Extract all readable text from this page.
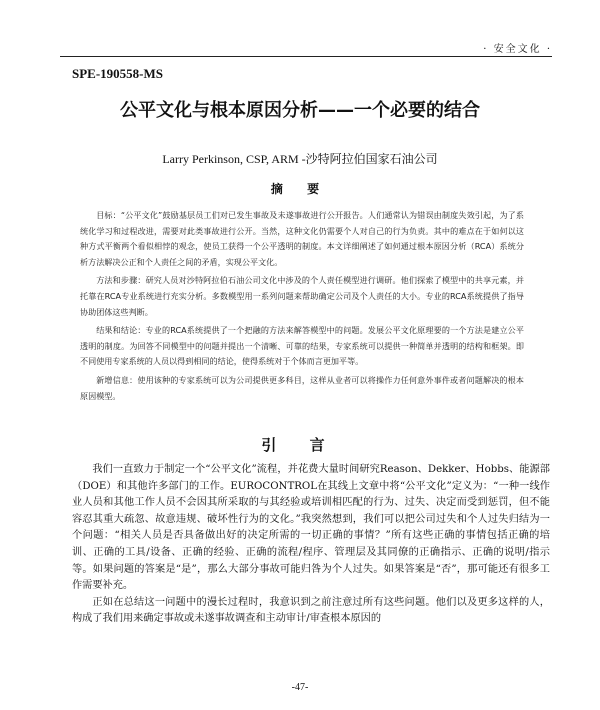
· 安全文化 ·
SPE-190558-MS
公平文化与根本原因分析——一个必要的结合
Larry Perkinson, CSP, ARM -沙特阿拉伯国家石油公司
摘 要

目标：“公平文化”鼓励基层员工们对已发生事故及未遂事故进行公开报告。人们通常认为错误由制度失效引起，为了系统化学习和过程改进，需要对此类事故进行公开。当然，这种文化仍需要个人对自己的行为负责。其中的难点在于如何以这种方式平衡两个看似相悖的观念，使员工获得一个公平透明的制度。本文详细阐述了如何通过根本原因分析（RCA）系统分析方法解决公正和个人责任之间的矛盾，实现公平文化。

方法和步骤：研究人员对沙特阿拉伯石油公司文化中涉及的个人责任模型进行调研。他们探索了模型中的共享元素，并托靠在RCA专业系统进行充实分析。多数模型用一系列问题来帮助确定公司及个人责任的大小。专业的RCA系统提供了指导协助团体这些判断。

结果和结论：专业的RCA系统提供了一个把融的方法来解答模型中的问题。发展公平文化原理要的一个方法是建立公平透明的制度。为回答不同模型中的问题并提出一个清晰、可靠的结果，专家系统可以提供一种简单并透明的结构和框架。即不同使用专家系统的人员以得到相同的结论，使得系统对于个体而言更加平等。

新增信息：使用该种的专家系统可以为公司提供更多科目，这样从业者可以将操作力任何意外事件或者问题解决的根本原因模型。

引 言

我们一直致力于制定一个“公平文化”流程，并花费大量时间研究Reason、Dekker、Hobbs、能源部（DOE）和其他许多部门的工作。EUROCONTROL在其线上文章中将“公平文化”定义为：“一种一线作业人员和其他工作人员不会因其所采取的与其经验或培训相匹配的行为、过失、决定而受到惩罚，但不能容忍其重大疏忽、故意违规、破坏性行为的文化。”我突然想到，我们可以把公司过失和个人过失归结为一个问题：“相关人员是否具备做出好的决定所需的一切正确的事情？”所有这些正确的事情包括正确的培训、正确的工具/设备、正确的经验、正确的流程/程序、管理层及其同僚的正确指示、正确的说明/指示等。如果问题的答案是“是”，那么大部分事故可能归咎为个人过失。如果答案是“否”，那可能还有很多工作需要补充。

正如在总结这一问题中的漫长过程时，我意识到之前注意过所有这些问题。他们以及更多这样的人，构成了我们用来确定事故或未遂事故调查和主动审计/审查根本原因的

-47-
